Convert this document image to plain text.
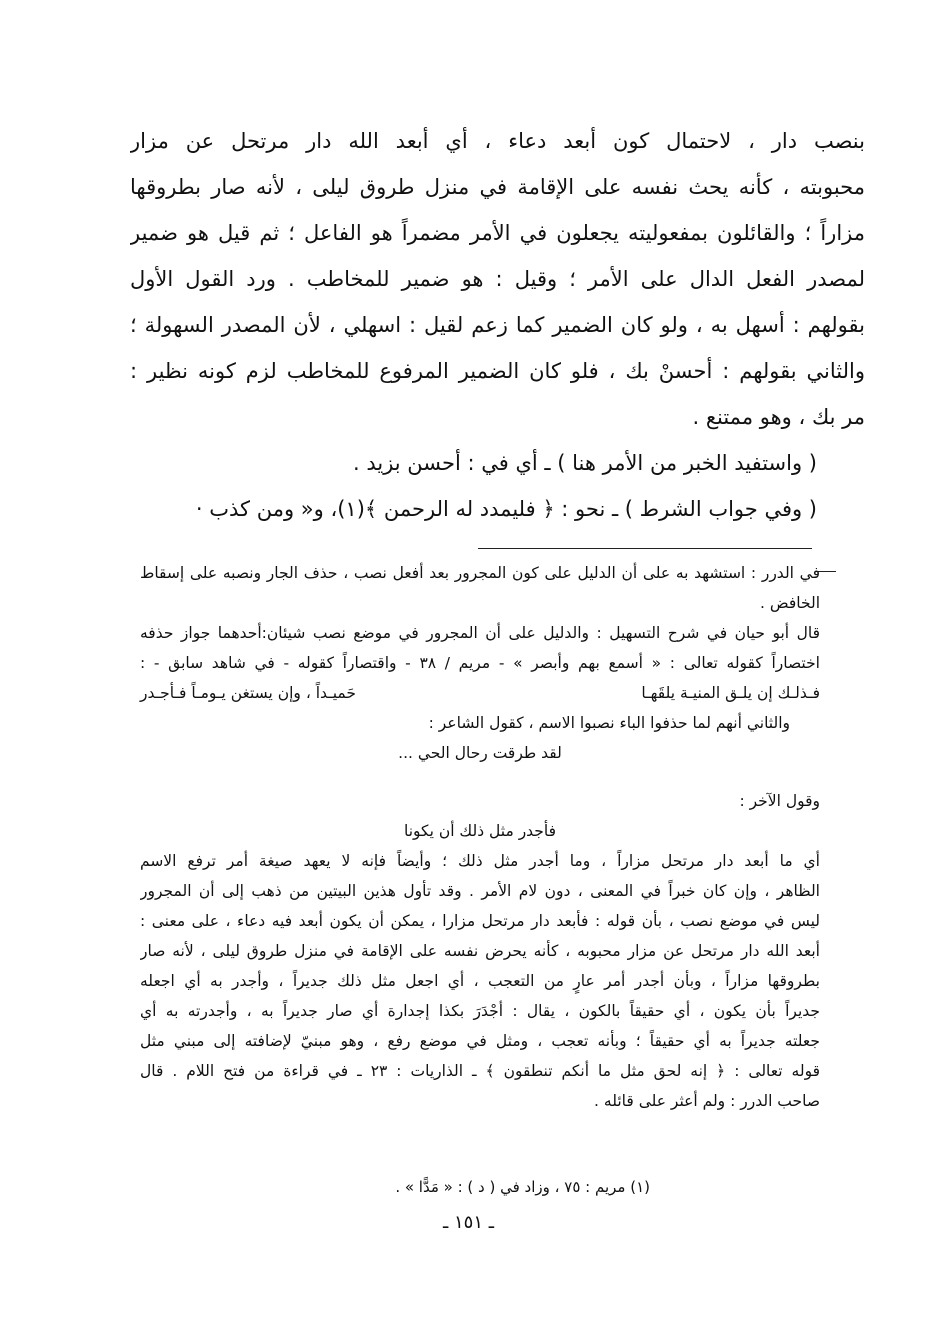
بنصب دار ، لاحتمال كون أبعد دعاء ، أي أبعد الله دار مرتحل عن مزار
محبوبته ، كأنه يحث نفسه على الإقامة في منزل طروق ليلى ، لأنه صار بطروقها
مزاراً ؛ والقائلون بمفعوليته يجعلون في الأمر مضمراً هو الفاعل ؛ ثم قيل هو ضمير
لمصدر الفعل الدال على الأمر ؛ وقيل : هو ضمير للمخاطب . ورد القول الأول
بقولهم : أسهل به ، ولو كان الضمير كما زعم لقيل : اسهلي ، لأن المصدر السهولة ؛
والثاني بقولهم : أحسنْ بك ، فلو كان الضمير المرفوع للمخاطب لزم كونه نظير :
مر بك ، وهو ممتنع .
( واستفيد الخبر من الأمر هنا ) ـ أي في : أحسن بزيد .
( وفي جواب الشرط ) ـ نحو : ﴿ فليمدد له الرحمن ﴾(١)، و« ومن كذب ·
في الدرر : استشهد به على أن الدليل على كون المجرور بعد أفعل نصب ، حذف الجار ونصبه على إسقاط
الخافض .
قال أبو حيان في شرح التسهيل : والدليل على أن المجرور في موضع نصب شيئان:أحدهما جواز حذفه
اختصاراً كقوله تعالى : « أسمع بهم وأبصر » - مريم / ٣٨ - واقتصاراً كقوله - في شاهد سابق - :
فـذلـك إن يلـق المنيـة يلقَهـا
حَميـداً ، وإن يستغن يـومـاً فـأجـدر
والثاني أنهم لما حذفوا الباء نصبوا الاسم ، كقول الشاعر :
لقد طرقت رحال الحي ...
وقول الآخر :
فأجدر مثل ذلك أن يكونا
أي ما أبعد دار مرتحل مزاراً ، وما أجدر مثل ذلك ؛ وأيضاً فإنه لا يعهد صيغة أمر ترفع الاسم
الظاهر ، وإن كان خبراً في المعنى ، دون لام الأمر . وقد تأول هذين البيتين من ذهب إلى أن المجرور
ليس في موضع نصب ، بأن قوله : فأبعد دار مرتحل مزارا ، يمكن أن يكون أبعد فيه دعاء ، على معنى :
أبعد الله دار مرتحل عن مزار محبوبه ، كأنه يحرض نفسه على الإقامة في منزل طروق ليلى ، لأنه صار
بطروقها مزاراً ، وبأن أجدر أمر عارٍ من التعجب ، أي اجعل مثل ذلك جديراً ، وأجدر به أي اجعله
جديراً بأن يكون ، أي حقيقاً بالكون ، يقال : أجْدَرَ بكذا إجدارة أي صار جديراً به ، وأجدرته به أي
جعلته جديراً به أي حقيقاً ؛ وبأنه تعجب ، ومثل في موضع رفع ، وهو مبنيّ لإضافته إلى مبني مثل
قوله تعالى : ﴿ إنه لحق مثل ما أنكم تنطقون ﴾ ـ الذاريات : ٢٣ ـ في قراءة من فتح اللام . قال
صاحب الدرر : ولم أعثر على قائله .
(١) مريم : ٧٥ ، وزاد في ( د ) : « مَدًّا » .
ـ ١٥١ ـ
